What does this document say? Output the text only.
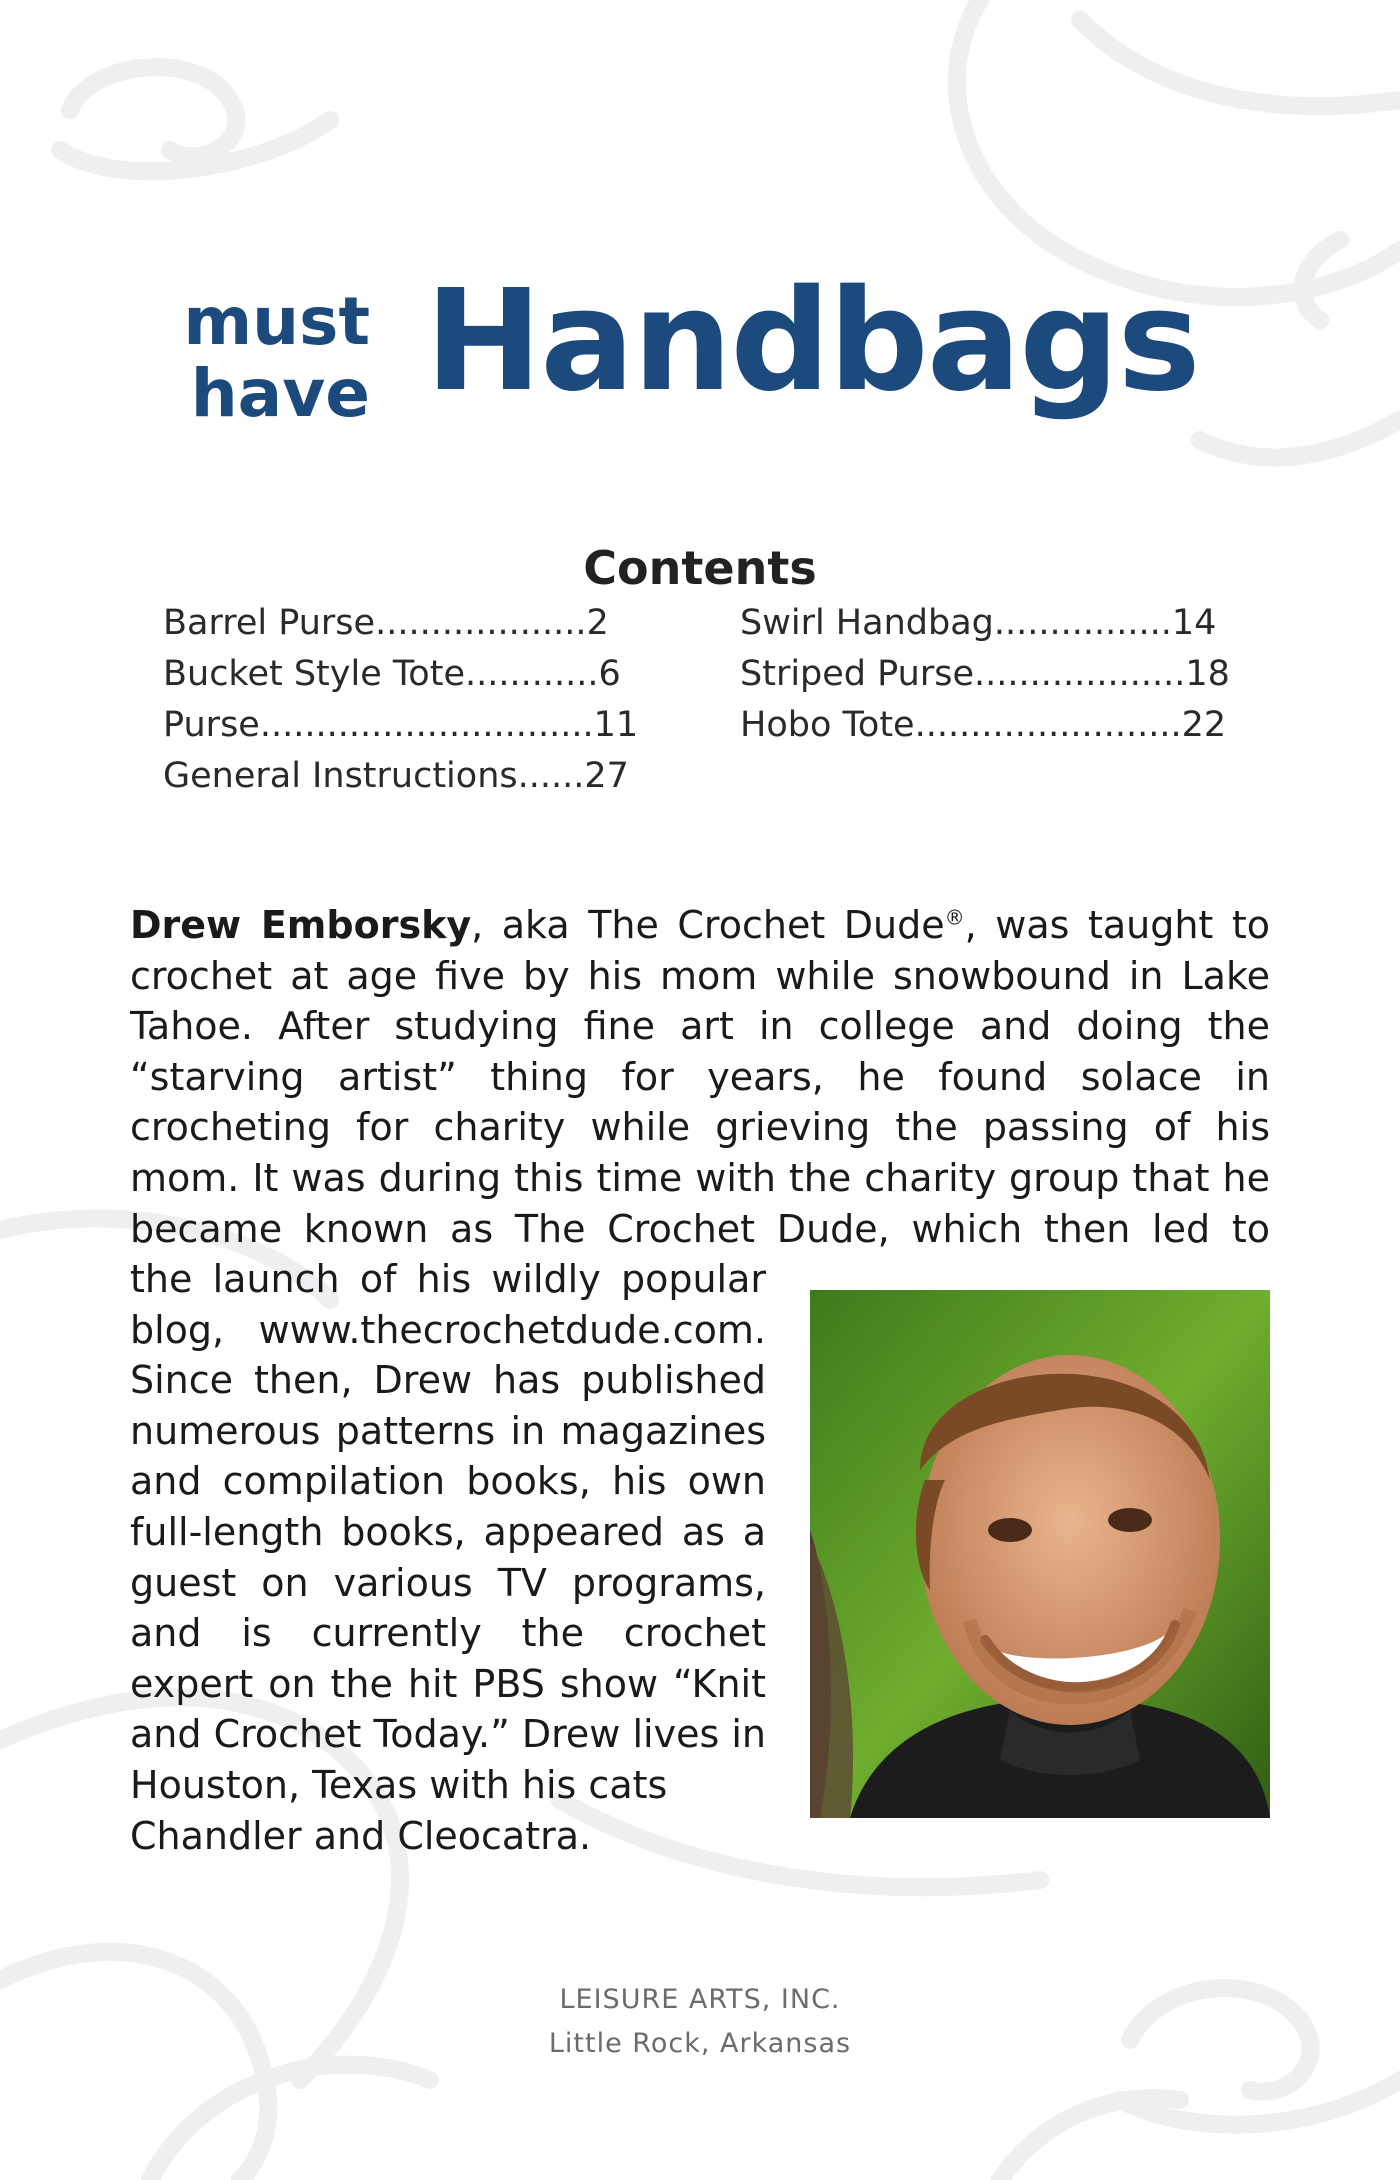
must
have Handbags
Contents
Barrel Purse...................2
Bucket Style Tote............6
Purse..............................11
General Instructions......27
Swirl Handbag................14
Striped Purse...................18
Hobo Tote........................22
Drew Emborsky, aka The Crochet Dude®, was taught to crochet at age five by his mom while snowbound in Lake Tahoe. After studying fine art in college and doing the “starving artist” thing for years, he found solace in crocheting for charity while grieving the passing of his mom. It was during this time with the charity group that he became known as The Crochet Dude, which then led to
the launch of his wildly popular blog, www.thecrochetdude.com. Since then, Drew has published numerous patterns in magazines and compilation books, his own full-length books, appeared as a guest on various TV programs, and is currently the crochet expert on the hit PBS show “Knit and Crochet Today.” Drew lives in Houston, Texas with his cats
Chandler and Cleocatra.
LEISURE ARTS, INC.
Little Rock, Arkansas
